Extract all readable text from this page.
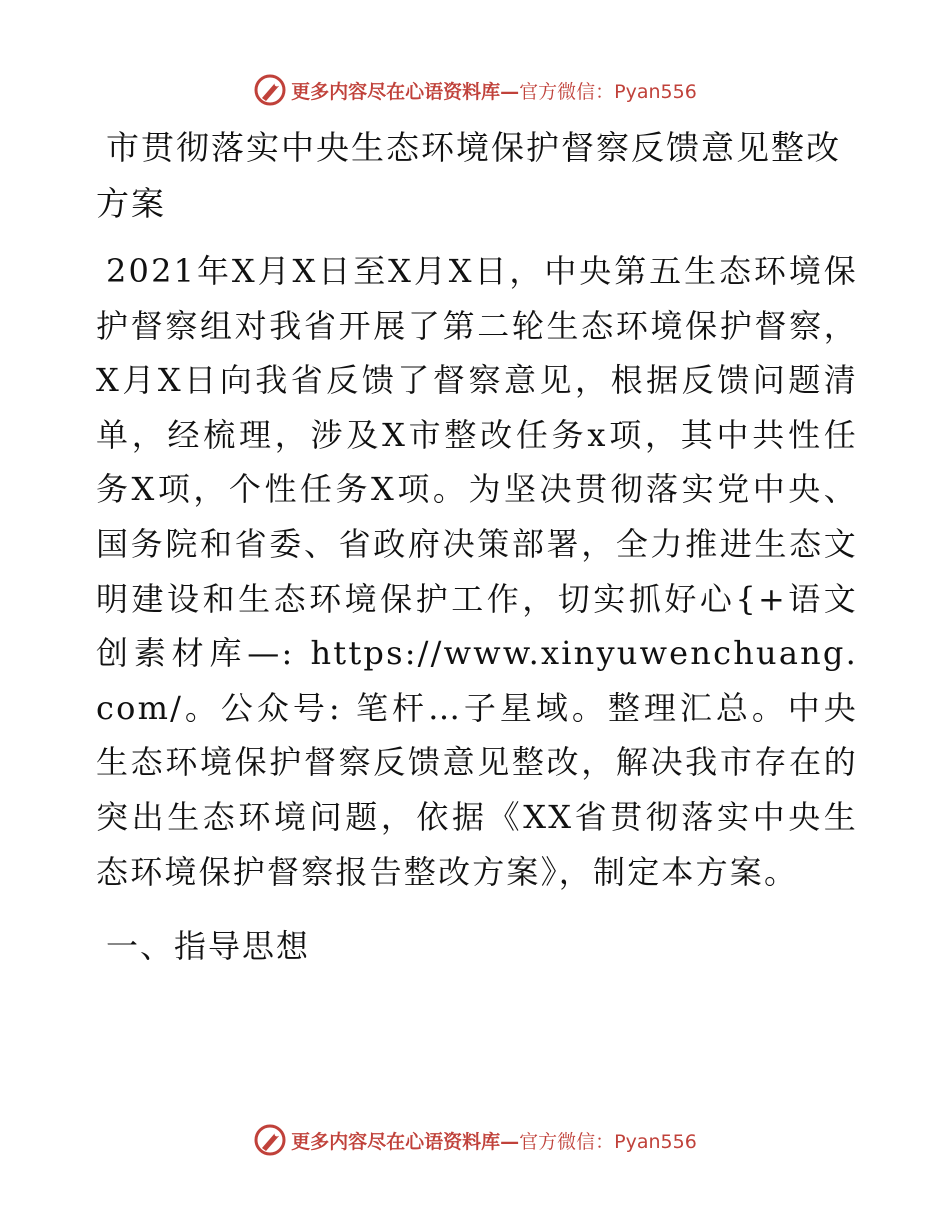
更多内容尽在心语资料库— 官方微信：Pyan556
市贯彻落实中央生态环境保护督察反馈意见整改方案

2021年X月X日至X月X日，中央第五生态环境保护督察组对我省开展了第二轮生态环境保护督察，X月X日向我省反馈了督察意见，根据反馈问题清单，经梳理，涉及X市整改任务x项，其中共性任务X项，个性任务X项。为坚决贯彻落实党中央、国务院和省委、省政府决策部署，全力推进生态文明建设和生态环境保护工作，切实抓好心{+语文创素材库—: https://www.xinyuwenchuang.com/。公众号: 笔杆…子星域。整理汇总。中央生态环境保护督察反馈意见整改，解决我市存在的突出生态环境问题，依据《XX省贯彻落实中央生态环境保护督察报告整改方案》，制定本方案。

一、指导思想
更多内容尽在心语资料库— 官方微信：Pyan556
